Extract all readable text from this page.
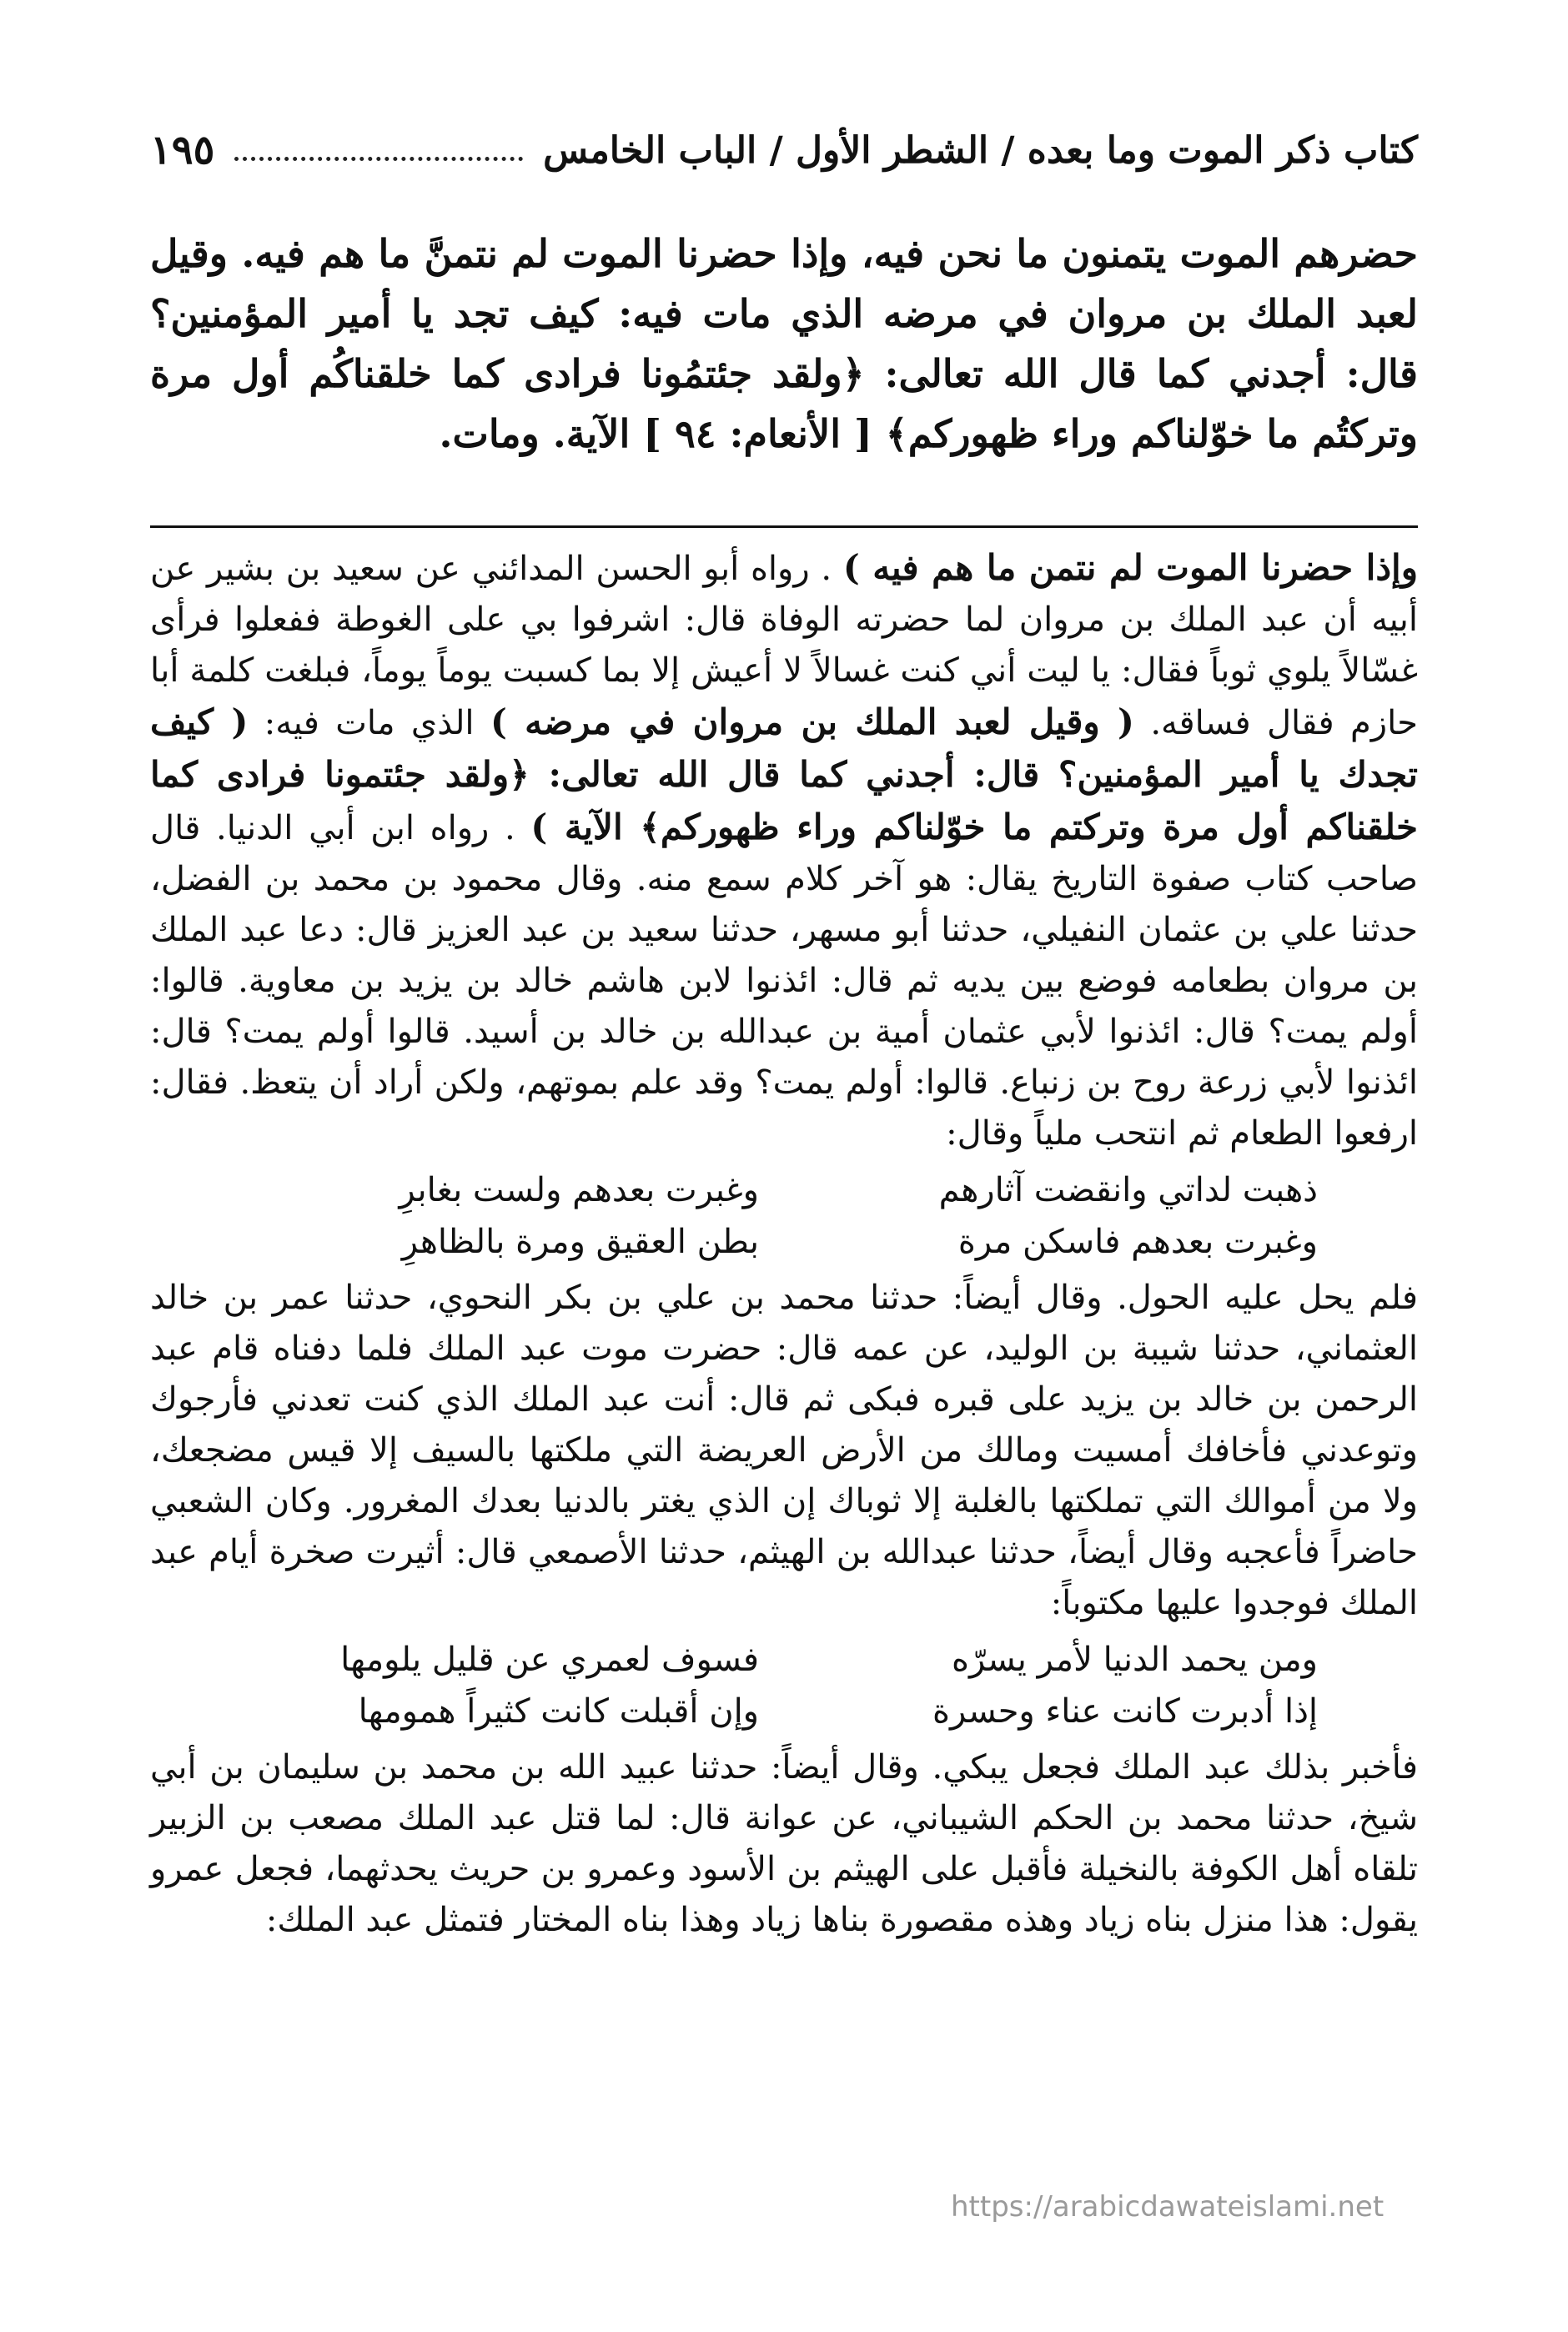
كتاب ذكر الموت وما بعده / الشطر الأول / الباب الخامس
١٩٥

حضرهم الموت يتمنون ما نحن فيه، وإذا حضرنا الموت لم نتمنَّ ما هم فيه. وقيل لعبد الملك بن مروان في مرضه الذي مات فيه: كيف تجد يا أمير المؤمنين؟ قال: أجدني كما قال الله تعالى: ﴿ولقد جئتمُونا فرادى كما خلقناكُم أول مرة وتركتُم ما خوّلناكم وراء ظهوركم﴾ [ الأنعام: ٩٤ ] الآية. ومات.

وإذا حضرنا الموت لم نتمن ما هم فيه ) . رواه أبو الحسن المدائني عن سعيد بن بشير عن أبيه أن عبد الملك بن مروان لما حضرته الوفاة قال: اشرفوا بي على الغوطة ففعلوا فرأى غسّالاً يلوي ثوباً فقال: يا ليت أني كنت غسالاً لا أعيش إلا بما كسبت يوماً يوماً، فبلغت كلمة أبا حازم فقال فساقه. ( وقيل لعبد الملك بن مروان في مرضه ) الذي مات فيه: ( كيف تجدك يا أمير المؤمنين؟ قال: أجدني كما قال الله تعالى: ﴿ولقد جئتمونا فرادى كما خلقناكم أول مرة وتركتم ما خوّلناكم وراء ظهوركم﴾ الآية ) . رواه ابن أبي الدنيا. قال صاحب كتاب صفوة التاريخ يقال: هو آخر كلام سمع منه. وقال محمود بن محمد بن الفضل، حدثنا علي بن عثمان النفيلي، حدثنا أبو مسهر، حدثنا سعيد بن عبد العزيز قال: دعا عبد الملك بن مروان بطعامه فوضع بين يديه ثم قال: ائذنوا لابن هاشم خالد بن يزيد بن معاوية. قالوا: أولم يمت؟ قال: ائذنوا لأبي عثمان أمية بن عبدالله بن خالد بن أسيد. قالوا أولم يمت؟ قال: ائذنوا لأبي زرعة روح بن زنباع. قالوا: أولم يمت؟ وقد علم بموتهم، ولكن أراد أن يتعظ. فقال: ارفعوا الطعام ثم انتحب ملياً وقال:

ذهبت لداتي وانقضت آثارهم
وغبرت بعدهم ولست بغابرِ
وغبرت بعدهم فاسكن مرة
بطن العقيق ومرة بالظاهرِ

فلم يحل عليه الحول. وقال أيضاً: حدثنا محمد بن علي بن بكر النحوي، حدثنا عمر بن خالد العثماني، حدثنا شيبة بن الوليد، عن عمه قال: حضرت موت عبد الملك فلما دفناه قام عبد الرحمن بن خالد بن يزيد على قبره فبكى ثم قال: أنت عبد الملك الذي كنت تعدني فأرجوك وتوعدني فأخافك أمسيت ومالك من الأرض العريضة التي ملكتها بالسيف إلا قيس مضجعك، ولا من أموالك التي تملكتها بالغلبة إلا ثوباك إن الذي يغتر بالدنيا بعدك المغرور. وكان الشعبي حاضراً فأعجبه وقال أيضاً، حدثنا عبدالله بن الهيثم، حدثنا الأصمعي قال: أثيرت صخرة أيام عبد الملك فوجدوا عليها مكتوباً:

ومن يحمد الدنيا لأمر يسرّه
فسوف لعمري عن قليل يلومها
إذا أدبرت كانت عناء وحسرة
وإن أقبلت كانت كثيراً همومها

فأخبر بذلك عبد الملك فجعل يبكي. وقال أيضاً: حدثنا عبيد الله بن محمد بن سليمان بن أبي شيخ، حدثنا محمد بن الحكم الشيباني، عن عوانة قال: لما قتل عبد الملك مصعب بن الزبير تلقاه أهل الكوفة بالنخيلة فأقبل على الهيثم بن الأسود وعمرو بن حريث يحدثهما، فجعل عمرو يقول: هذا منزل بناه زياد وهذه مقصورة بناها زياد وهذا بناه المختار فتمثل عبد الملك:

https://arabicdawateislami.net
